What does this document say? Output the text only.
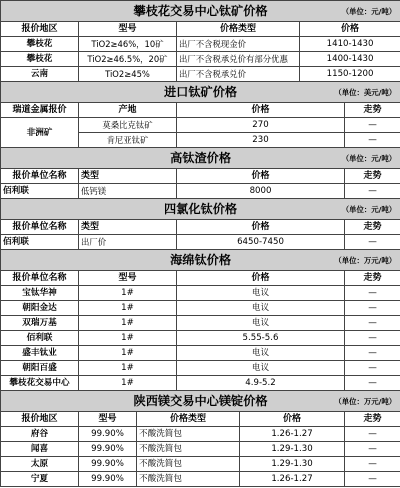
攀枝花交易中心钛矿价格 （单位：元/吨）						

报价地区	型号		价格类型		价格	
攀枝花	TiO2≥46%，10矿		出厂不含税现金价		1410-1430	
攀枝花	TiO2≥46.5%，20矿		出厂不含税承兑价有部分优惠		1400-1430	
云南	TiO2≥45%		出厂不含税承兑价		1150-1200	
进口钛矿价格 （单位：美元/吨）						

瑞道金属报价	产地		价格			走势
非洲矿	莫桑比克钛矿		270			—
	肯尼亚钛矿		230			—
高钛渣价格 （单位：元/吨）						

报价单位名称	类型		价格			走势
佰利联	低钙镁		8000			—
四氯化钛价格 （单位：元/吨）						

报价单位名称	类型		价格			走势
佰利联	出厂价		6450-7450			—
海绵钛价格 （单位：万元/吨）						

报价单位名称	型号		价格			走势
宝钛华神	1#		电议			—
朝阳金达	1#		电议			—
双瑞万基	1#		电议			—
佰利联	1#		5.55-5.6			—
盛丰钛业	1#		电议			—
朝阳百盛	1#		电议			—
攀枝花交易中心	1#		4.9-5.2			—
陕西镁交易中心镁锭价格 （单位：万元/吨）						

报价地区	型号	价格类型		价格		走势
府谷	99.90%	不酸洗简包		1.26-1.27		—
闻喜	99.90%	不酸洗简包		1.29-1.30		—
太原	99.90%	不酸洗简包		1.29-1.30		—
宁夏	99.90%	不酸洗简包		1.26-1.27		—
